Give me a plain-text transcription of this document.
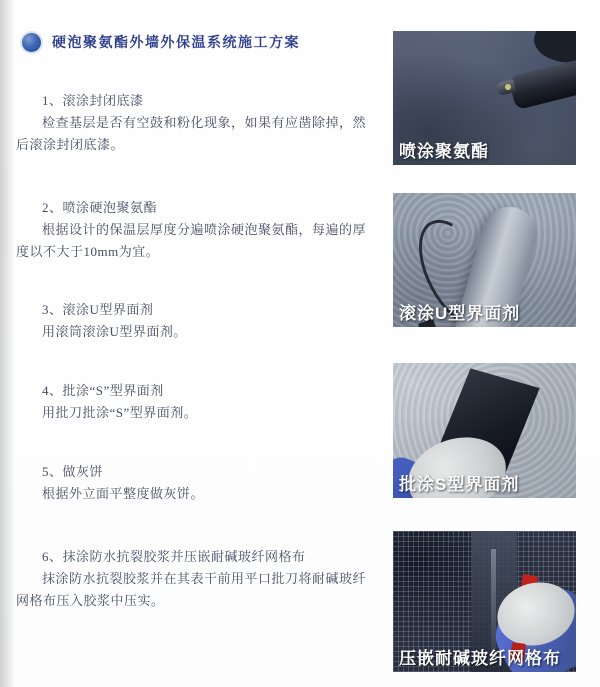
硬泡聚氨酯外墙外保温系统施工方案
1、滚涂封闭底漆

检查基层是否有空鼓和粉化现象，如果有应凿除掉，然后滚涂封闭底漆。

2、喷涂硬泡聚氨酯

根据设计的保温层厚度分遍喷涂硬泡聚氨酯，每遍的厚度以不大于10mm为宜。

3、滚涂U型界面剂

用滚筒滚涂U型界面剂。

4、批涂“S”型界面剂

用批刀批涂“S”型界面剂。

5、做灰饼

根据外立面平整度做灰饼。

6、抹涂防水抗裂胶浆并压嵌耐碱玻纤网格布

抹涂防水抗裂胶浆并在其表干前用平口批刀将耐碱玻纤网格布压入胶浆中压实。

喷涂聚氨酯
滚涂U型界面剂
批涂S型界面剂
压嵌耐碱玻纤网格布
